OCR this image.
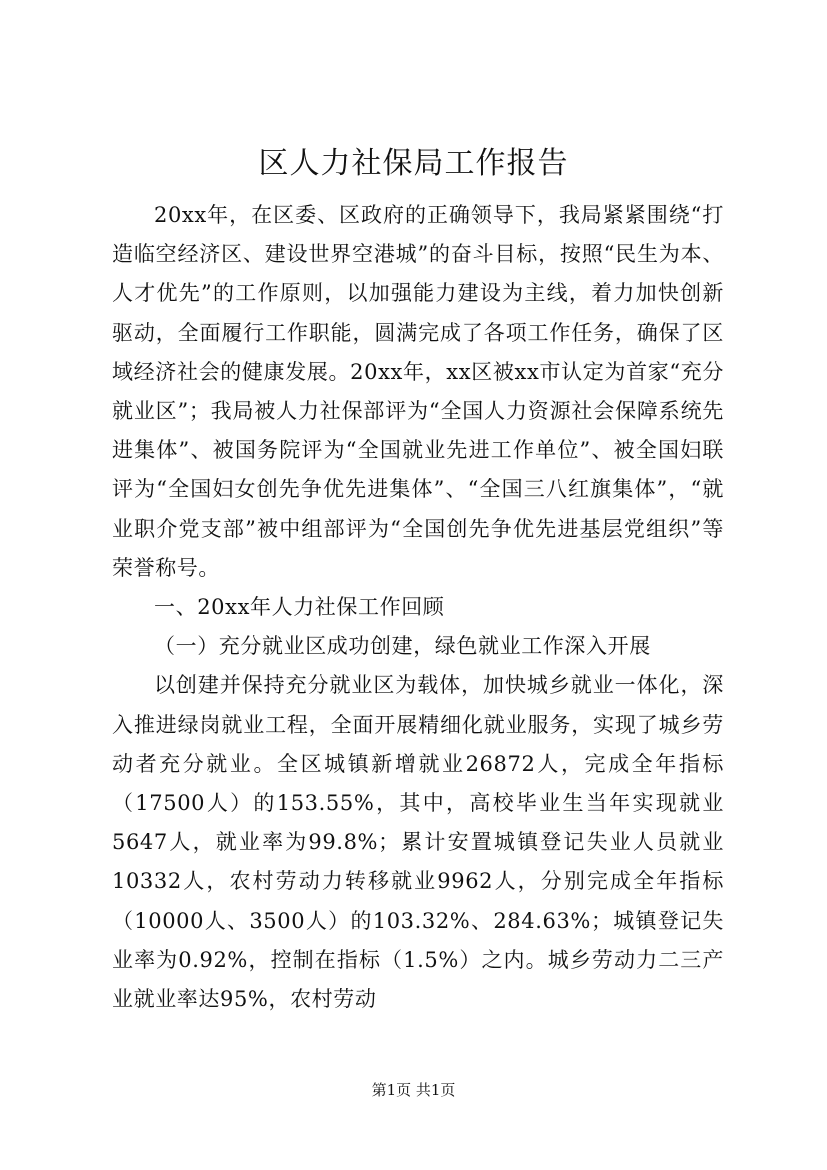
区人力社保局工作报告

20xx年，在区委、区政府的正确领导下，我局紧紧围绕“打造临空经济区、建设世界空港城”的奋斗目标，按照“民生为本、人才优先”的工作原则，以加强能力建设为主线，着力加快创新驱动，全面履行工作职能，圆满完成了各项工作任务，确保了区域经济社会的健康发展。20xx年，xx区被xx市认定为首家“充分就业区”；我局被人力社保部评为“全国人力资源社会保障系统先进集体”、被国务院评为“全国就业先进工作单位”、被全国妇联评为“全国妇女创先争优先进集体”、“全国三八红旗集体”，“就业职介党支部”被中组部评为“全国创先争优先进基层党组织”等荣誉称号。

一、20xx年人力社保工作回顾

（一）充分就业区成功创建，绿色就业工作深入开展

以创建并保持充分就业区为载体，加快城乡就业一体化，深入推进绿岗就业工程，全面开展精细化就业服务，实现了城乡劳动者充分就业。全区城镇新增就业26872人，完成全年指标（17500人）的153.55%，其中，高校毕业生当年实现就业5647人，就业率为99.8%；累计安置城镇登记失业人员就业10332人，农村劳动力转移就业9962人，分别完成全年指标（10000人、3500人）的103.32%、284.63%；城镇登记失业率为0.92%，控制在指标（1.5%）之内。城乡劳动力二三产业就业率达95%，农村劳动

第1页 共1页
